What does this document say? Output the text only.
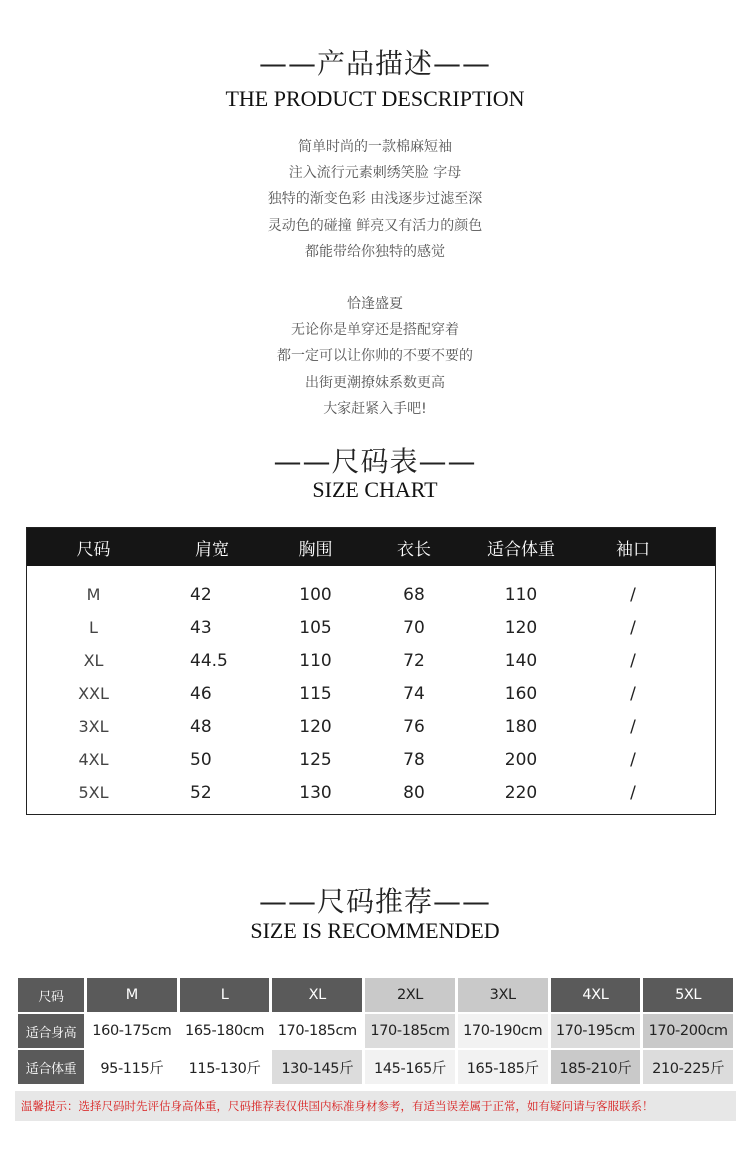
——产品描述——
THE PRODUCT DESCRIPTION

简单时尚的一款棉麻短袖

注入流行元素刺绣笑脸 字母

独特的渐变色彩 由浅逐步过滤至深

灵动色的碰撞 鲜亮又有活力的颜色

都能带给你独特的感觉

恰逢盛夏

无论你是单穿还是搭配穿着

都一定可以让你帅的不要不要的

出街更潮撩妹系数更高

大家赶紧入手吧!

——尺码表——
SIZE CHART
尺码	肩宽	胸围	衣长	适合体重	袖口
M	42	100	68	110	/
L	43	105	70	120	/
XL	44.5	110	72	140	/
XXL	46	115	74	160	/
3XL	48	120	76	180	/
4XL	50	125	78	200	/
5XL	52	130	80	220	/
——尺码推荐——
SIZE IS RECOMMENDED
尺码	M	L	XL	2XL	3XL	4XL	5XL
适合身高	160-175cm	165-180cm	170-185cm	170-185cm	170-190cm	170-195cm	170-200cm
适合体重	95-115斤	115-130斤	130-145斤	145-165斤	165-185斤	185-210斤	210-225斤
温馨提示：选择尺码时先评估身高体重，尺码推荐表仅供国内标准身材参考，有适当误差属于正常，如有疑问请与客服联系！
